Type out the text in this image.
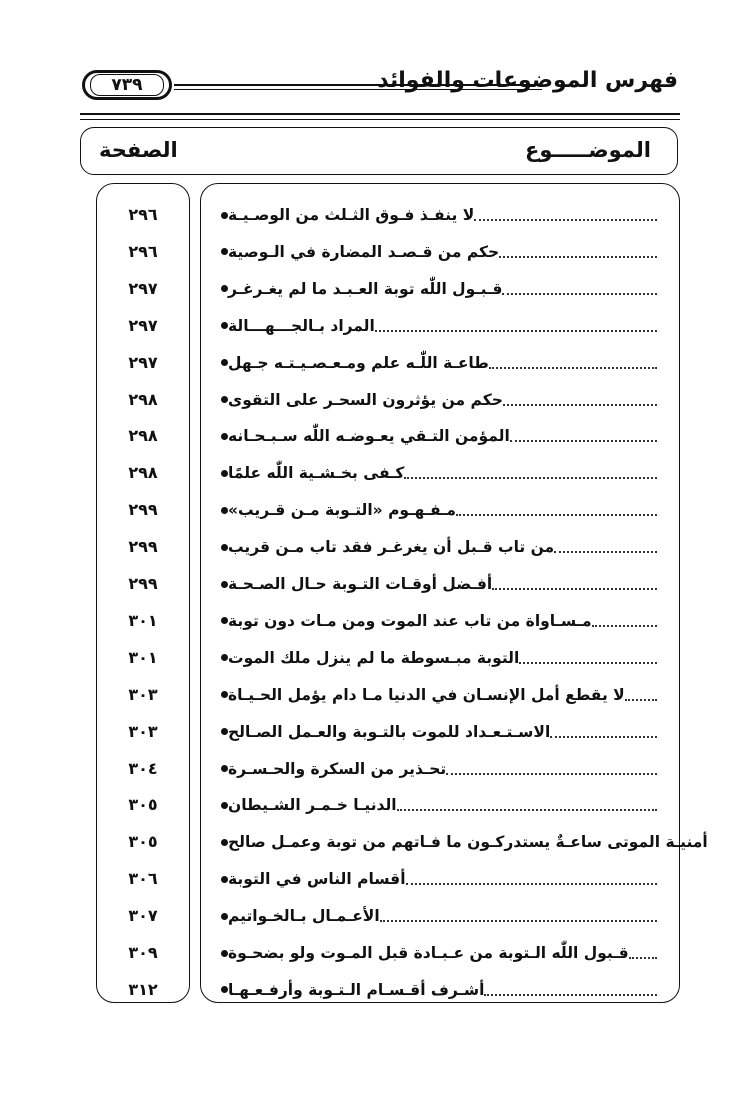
٧٣٩	فهرس الموضوعات والفوائد
الموضـــــوع
الصفحة
لا ينفـذ فـوق الثـلث من الوصـيـة
حكم من قـصـد المضارة في الـوصية
قـبـول اللّٰه توبة العـبـد ما لم يغـرغـر
المراد بـالجـــهـــالة
طاعـة اللّٰـه علم ومـعـصـيـتـه جـهل
حكم من يؤثرون السحـر على التقوى
المؤمن التـقي يعـوضـه اللّٰه سـبـحـانه
كـفى بخـشـية اللّٰه علمًا
مـفـهـوم «التـوبة مـن قـريب»
من تاب قـبل أن يغرغـر فقد تاب مـن قريب
أفـضل أوقـات التـوبة حـال الصـحـة
مـسـاواة من تاب عند الموت ومن مـات دون توبة
التوبة مبـسوطة ما لم ينزل ملك الموت
لا يقطع أمل الإنسـان في الدنيا مـا دام يؤمل الحـيـاة
الاسـتـعـداد للموت بالتـوبة والعـمل الصـالح
تحـذير من السكرة والحـسـرة
الدنيـا خـمـر الشـيطان
أمنيـة الموتى ساعـةٌ يستدركـون ما فـاتهم من توبة وعمـل صالح
أقسام الناس في التوبة
الأعـمـال بـالخـواتيم
قـبول اللّٰه الـتوبة من عـبـادة قبل المـوت ولو بضحـوة
أشـرف أقـسـام الـتـوبة وأرفـعـهـا
٢٩٦
٢٩٦
٢٩٧
٢٩٧
٢٩٧
٢٩٨
٢٩٨
٢٩٨
٢٩٩
٢٩٩
٢٩٩
٣٠١
٣٠١
٣٠٣
٣٠٣
٣٠٤
٣٠٥
٣٠٥
٣٠٦
٣٠٧
٣٠٩
٣١٢
